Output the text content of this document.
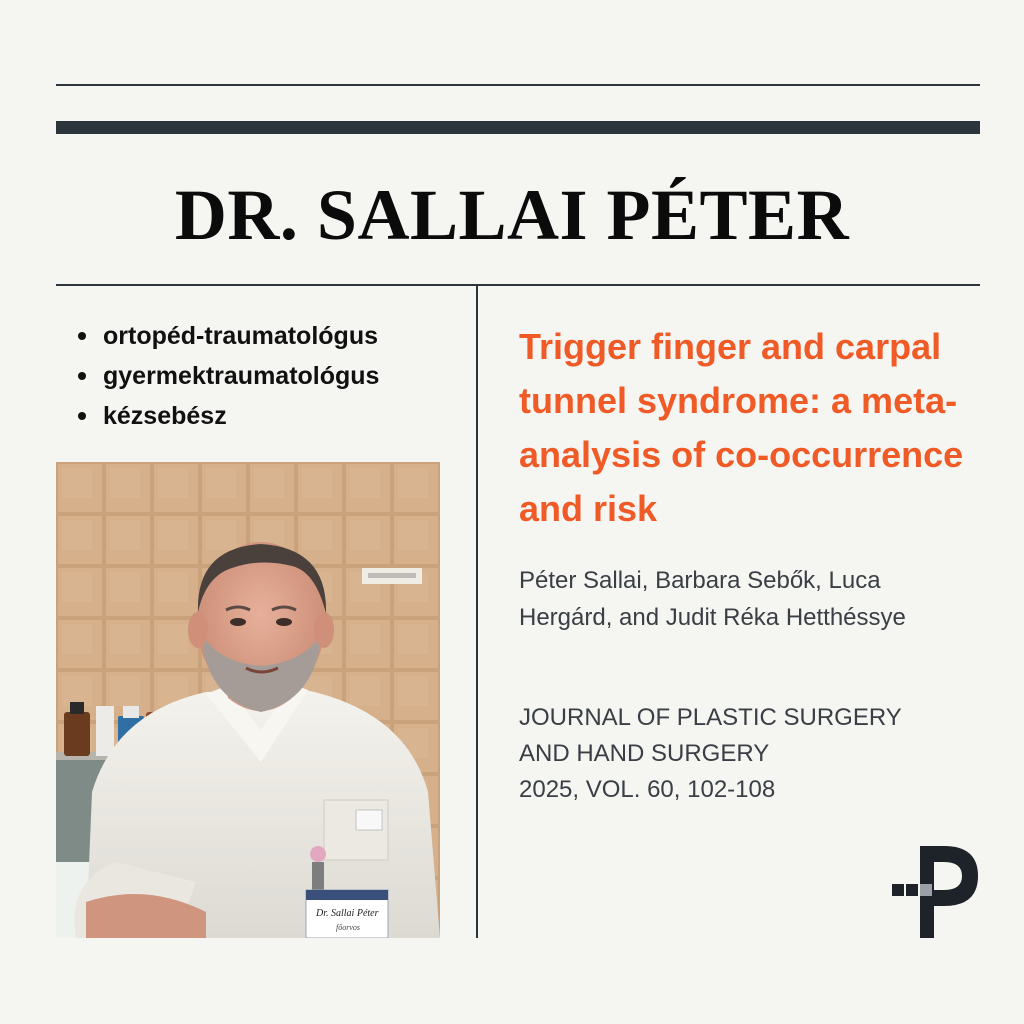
DR. SALLAI PÉTER
ortopéd-traumatológus
gyermektraumatológus
kézsebész
Dr. Sallai Péter
főorvos
Trigger finger and carpal tunnel syndrome: a meta-analysis of co-occurrence and risk

Péter Sallai, Barbara Sebők, Luca Hergárd, and Judit Réka Hetthéssye

JOURNAL OF PLASTIC SURGERY
AND HAND SURGERY
2025, VOL. 60, 102-108
